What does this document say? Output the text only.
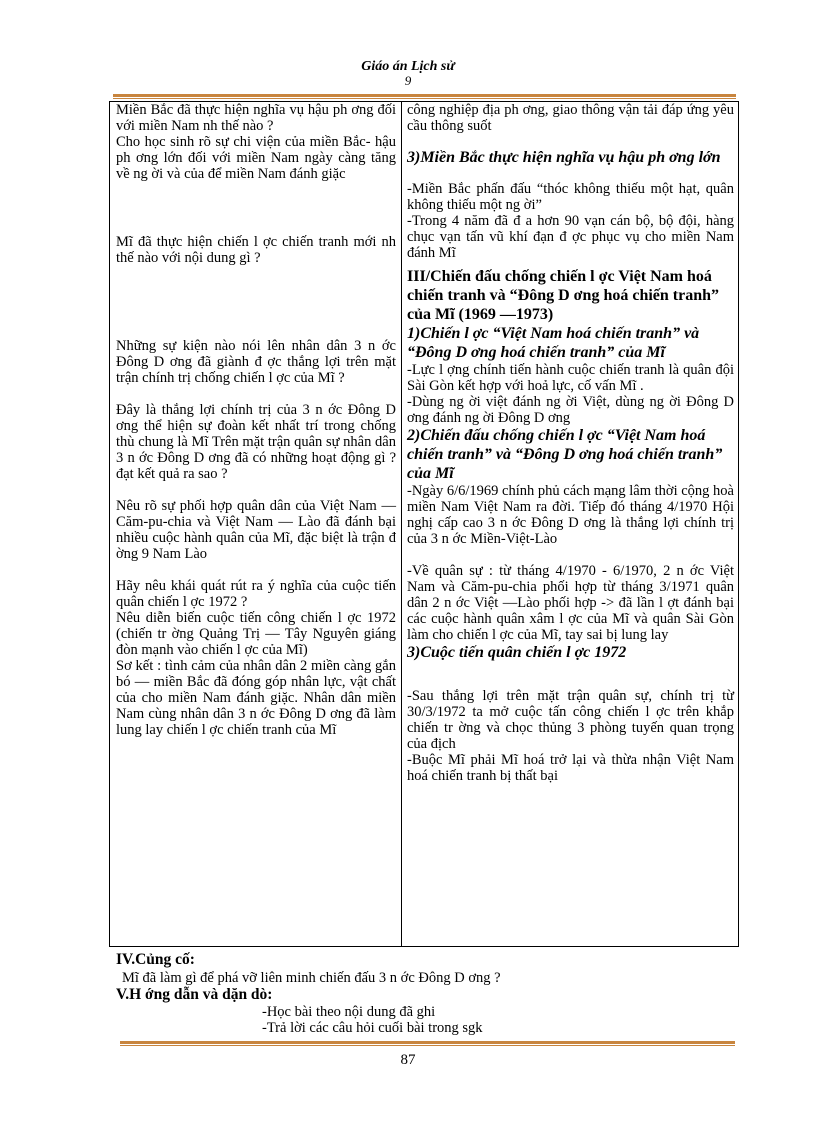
Giáo án Lịch sử
9

Miền Bắc đã thực hiện nghĩa vụ hậu ph ơng đối với miền Nam nh thế nào ?

Cho học sinh rõ sự chi viện của miền Bắc- hậu ph ơng lớn đối với miền Nam ngày càng tăng về ng ời và của để miền Nam đánh giặc

Mĩ đã thực hiện chiến l ợc chiến tranh mới nh thế nào với nội dung gì ?

Những sự kiện nào nói lên nhân dân 3 n ớc Đông D ơng đã giành đ ợc thắng lợi trên mặt trận chính trị chống chiến l ợc của Mĩ ?

Đây là thắng lợi chính trị của 3 n ớc Đông D ơng thể hiện sự đoàn kết nhất trí trong chống thù chung là Mĩ Trên mặt trận quân sự nhân dân 3 n ớc Đông D ơng đã có những hoạt động gì ? đạt kết quả ra sao ?

Nêu rõ sự phối hợp quân dân của Việt Nam — Căm-pu-chia và Việt Nam — Lào đã đánh bại nhiều cuộc hành quân của Mĩ, đặc biệt là trận đ ờng 9 Nam Lào

Hãy nêu khái quát rút ra ý nghĩa của cuộc tiến quân chiến l ợc 1972 ?

Nêu diễn biến cuộc tiến công chiến l ợc 1972 (chiến tr ờng Quảng Trị — Tây Nguyên giáng đòn mạnh vào chiến l ợc của Mĩ)

Sơ kết : tình cảm của nhân dân 2 miền càng gắn bó — miền Bắc đã đóng góp nhân lực, vật chất của cho miền Nam đánh giặc. Nhân dân miền Nam cùng nhân dân 3 n ớc Đông D ơng đã làm lung lay chiến l ợc chiến tranh của Mĩ

công nghiệp địa ph ơng, giao thông vận tải đáp ứng yêu cầu thông suốt

3)Miền Bắc thực hiện nghĩa vụ hậu ph ơng lớn

-Miền Bắc phấn đấu “thóc không thiếu một hạt, quân không thiếu một ng ời”

-Trong 4 năm đã đ a hơn 90 vạn cán bộ, bộ đội, hàng chục vạn tấn vũ khí đạn đ ợc phục vụ cho miền Nam đánh Mĩ

III/Chiến đấu chống chiến l ợc Việt Nam hoá chiến tranh và “Đông D ơng hoá chiến tranh” của Mĩ (1969 —1973)

1)Chiến l ợc “Việt Nam hoá chiến tranh” và “Đông D ơng hoá chiến tranh” của Mĩ

-Lực l ợng chính tiến hành cuộc chiến tranh là quân đội Sài Gòn kết hợp với hoả lực, cố vấn Mĩ .

-Dùng ng ời việt đánh ng ời Việt, dùng ng ời Đông D ơng đánh ng ời Đông D ơng

2)Chiến đấu chống chiến l ợc “Việt Nam hoá chiến tranh” và “Đông D ơng hoá chiến tranh” của Mĩ

-Ngày 6/6/1969 chính phủ cách mạng lâm thời cộng hoà miền Nam Việt Nam ra đời. Tiếp đó tháng 4/1970 Hội nghị cấp cao 3 n ớc Đông D ơng là thắng lợi chính trị của 3 n ớc Miền-Việt-Lào

-Về quân sự : từ tháng 4/1970 - 6/1970, 2 n ớc Việt Nam và Căm-pu-chia phối hợp từ tháng 3/1971 quân dân 2 n ớc Việt —Lào phối hợp -> đã lần l ợt đánh bại các cuộc hành quân xâm l ợc của Mĩ và quân Sài Gòn làm cho chiến l ợc của Mĩ, tay sai bị lung lay

3)Cuộc tiến quân chiến l ợc 1972

-Sau thắng lợi trên mặt trận quân sự, chính trị từ 30/3/1972 ta mở cuộc tấn công chiến l ợc trên khắp chiến tr ờng và chọc thủng 3 phòng tuyến quan trọng của địch

-Buộc Mĩ phải Mĩ hoá trở lại và thừa nhận Việt Nam hoá chiến tranh bị thất bại

IV.Củng cố:
Mĩ đã làm gì để phá vỡ liên minh chiến đấu 3 n ớc Đông D ơng ?
V.H ớng dẫn và dặn dò:
-Học bài theo nội dung đã ghi
-Trả lời các câu hỏi cuối bài trong sgk
87
